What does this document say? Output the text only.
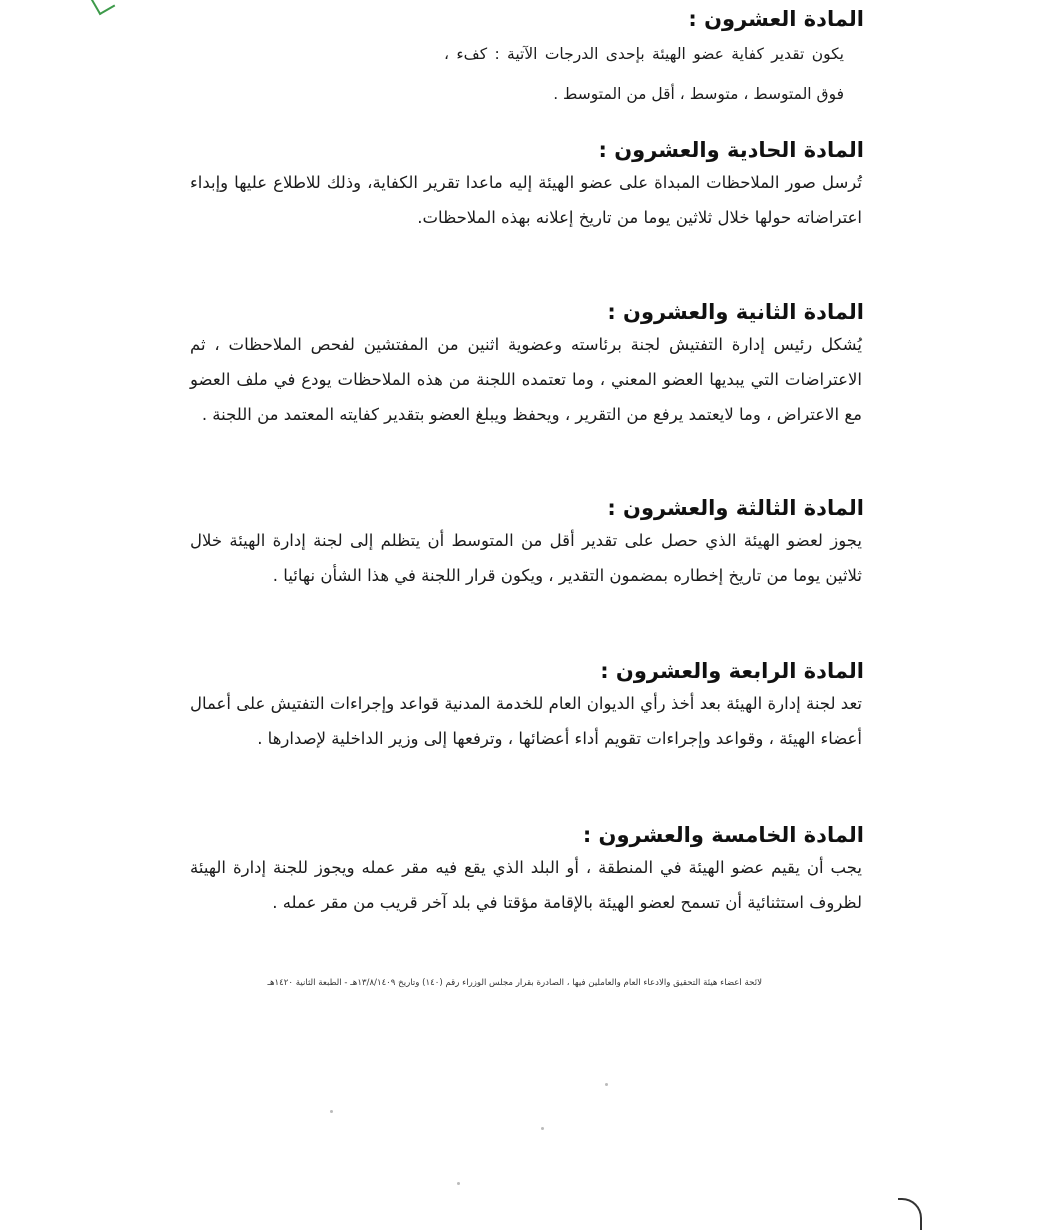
المادة العشرون :

يكون تقدير كفاية عضو الهيئة بإحدى الدرجات الآتية : كفء ، فوق المتوسط ، متوسط ، أقل من المتوسط .

المادة الحادية والعشرون :

تُرسل صور الملاحظات المبداة على عضو الهيئة إليه ماعدا تقرير الكفاية، وذلك للاطلاع عليها وإبداء اعتراضاته حولها خلال ثلاثين يوما من تاريخ إعلانه بهذه الملاحظات.

المادة الثانية والعشرون :

يُشكل رئيس إدارة التفتيش لجنة برئاسته وعضوية اثنين من المفتشين لفحص الملاحظات ، ثم الاعتراضات التي يبديها العضو المعني ، وما تعتمده اللجنة من هذه الملاحظات يودع في ملف العضو مع الاعتراض ، وما لايعتمد يرفع من التقرير ، ويحفظ ويبلغ العضو بتقدير كفايته المعتمد من اللجنة .

المادة الثالثة والعشرون :

يجوز لعضو الهيئة الذي حصل على تقدير أقل من المتوسط أن يتظلم إلى لجنة إدارة الهيئة خلال ثلاثين يوما من تاريخ إخطاره بمضمون التقدير ، ويكون قرار اللجنة في هذا الشأن نهائيا .

المادة الرابعة والعشرون :

تعد لجنة إدارة الهيئة بعد أخذ رأي الديوان العام للخدمة المدنية قواعد وإجراءات التفتيش على أعمال أعضاء الهيئة ، وقواعد وإجراءات تقويم أداء أعضائها ، وترفعها إلى وزير الداخلية لإصدارها .

المادة الخامسة والعشرون :

يجب أن يقيم عضو الهيئة في المنطقة ، أو البلد الذي يقع فيه مقر عمله ويجوز للجنة إدارة الهيئة لظروف استثنائية أن تسمح لعضو الهيئة بالإقامة مؤقتا في بلد آخر قريب من مقر عمله .

لائحة أعضاء هيئة التحقيق والادعاء العام والعاملين فيها ، الصادرة بقرار مجلس الوزراء رقم (١٤٠) وتاريخ ١٣/٨/١٤٠٩هـ - الطبعة الثانية ١٤٢٠هـ
